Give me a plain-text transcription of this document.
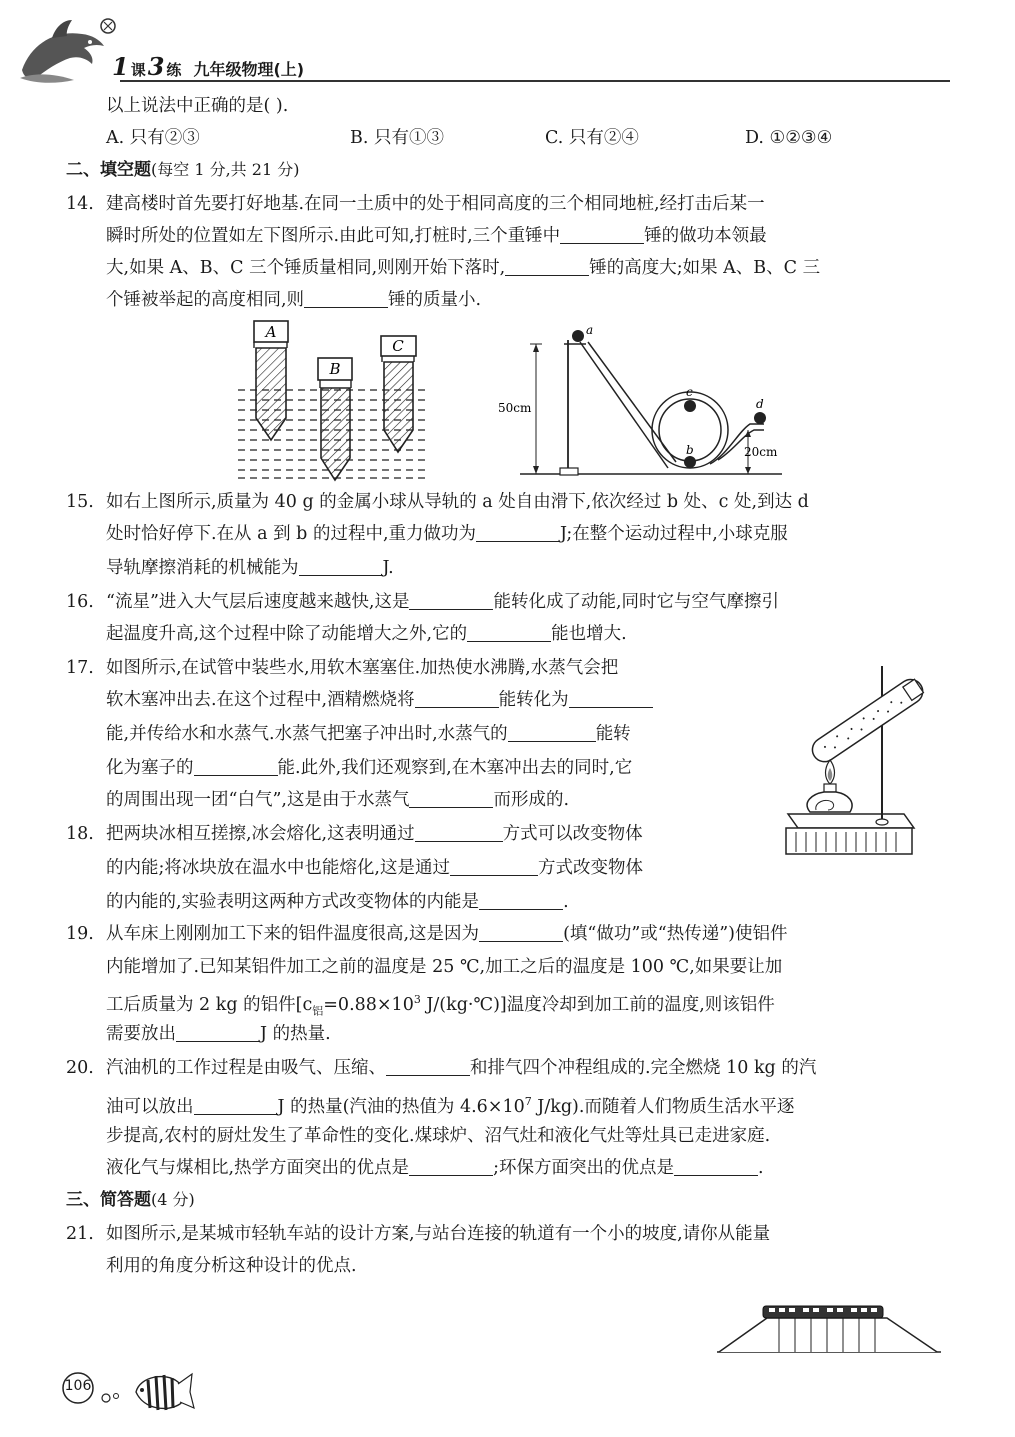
1 课 3 练 九年级物理(上)
以上说法中正确的是( ).
A. 只有②③	B. 只有①③	C. 只有②④	D. ①②③④
二、填空题(每空 1 分,共 21 分)
14. 建高楼时首先要打好地基.在同一土质中的处于相同高度的三个相同地桩,经打击后某一
瞬时所处的位置如左下图所示.由此可知,打桩时,三个重锤中	锤的做功本领最
大,如果 A、B、C 三个锤质量相同,则刚开始下落时,	锤的高度大;如果 A、B、C 三
个锤被举起的高度相同,则	锤的质量小.
A
B
C
50cm
20cm
a
b
c
d
15. 如右上图所示,质量为 40 g 的金属小球从导轨的 a 处自由滑下,依次经过 b 处、c 处,到达 d
处时恰好停下.在从 a 到 b 的过程中,重力做功为	J;在整个运动过程中,小球克服
导轨摩擦消耗的机械能为	J.
16. “流星”进入大气层后速度越来越快,这是	能转化成了动能,同时它与空气摩擦引
起温度升高,这个过程中除了动能增大之外,它的	能也增大.
17. 如图所示,在试管中装些水,用软木塞塞住.加热使水沸腾,水蒸气会把
软木塞冲出去.在这个过程中,酒精燃烧将	能转化为
能,并传给水和水蒸气.水蒸气把塞子冲出时,水蒸气的	能转
化为塞子的	能.此外,我们还观察到,在木塞冲出去的同时,它
的周围出现一团“白气”,这是由于水蒸气	而形成的.
18. 把两块冰相互搓擦,冰会熔化,这表明通过	方式可以改变物体
的内能;将冰块放在温水中也能熔化,这是通过	方式改变物体
的内能的,实验表明这两种方式改变物体的内能是	.
19. 从车床上刚刚加工下来的铝件温度很高,这是因为	(填“做功”或“热传递”)使铝件
内能增加了.已知某铝件加工之前的温度是 25 ℃,加工之后的温度是 100 ℃,如果要让加
工后质量为 2 kg 的铝件[$c_铝=0.88\times 10^3$ J/(kg·℃)]温度冷却到加工前的温度,则该铝件
需要放出	J 的热量.
20. 汽油机的工作过程是由吸气、压缩、	和排气四个冲程组成的.完全燃烧 10 kg 的汽
油可以放出	J 的热量(汽油的热值为 $4.6\times 10^7$ J/kg).而随着人们物质生活水平逐
步提高,农村的厨灶发生了革命性的变化.煤球炉、沼气灶和液化气灶等灶具已走进家庭.
液化气与煤相比,热学方面突出的优点是	;环保方面突出的优点是	.
三、简答题(4 分)
21. 如图所示,是某城市轻轨车站的设计方案,与站台连接的轨道有一个小的坡度,请你从能量
利用的角度分析这种设计的优点.
106
